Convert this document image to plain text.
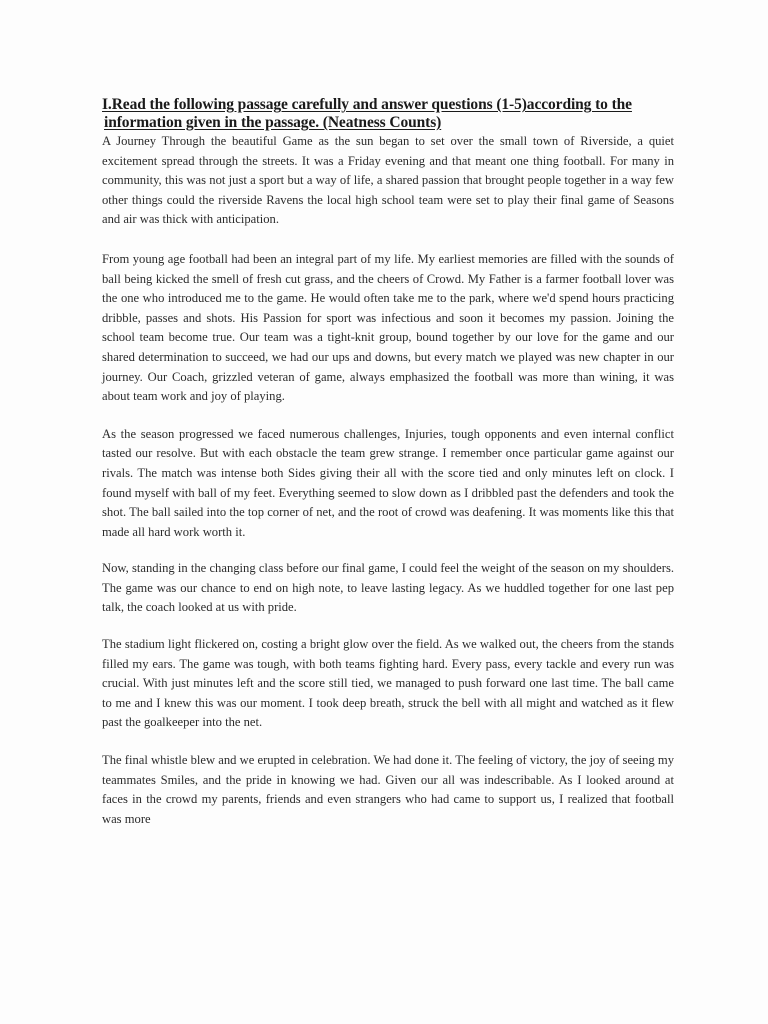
I.Read the following passage carefully and answer questions (1-5)according to the
information given in the passage. (Neatness Counts)

A Journey Through the beautiful Game as the sun began to set over the small town of Riverside, a quiet excitement spread through the streets. It was a Friday evening and that meant one thing football. For many in community, this was not just a sport but a way of life, a shared passion that brought people together in a way few other things could the riverside Ravens the local high school team were set to play their final game of Seasons and air was thick with anticipation.

From young age football had been an integral part of my life. My earliest memories are filled with the sounds of ball being kicked the smell of fresh cut grass, and the cheers of Crowd. My Father is a farmer football lover was the one who introduced me to the game. He would often take me to the park, where we'd spend hours practicing dribble, passes and shots. His Passion for sport was infectious and soon it becomes my passion. Joining the school team become true. Our team was a tight-knit group, bound together by our love for the game and our shared determination to succeed, we had our ups and downs, but every match we played was new chapter in our journey. Our Coach, grizzled veteran of game, always emphasized the football was more than wining, it was about team work and joy of playing.

As the season progressed we faced numerous challenges, Injuries, tough opponents and even internal conflict tasted our resolve. But with each obstacle the team grew strange. I remember once particular game against our rivals. The match was intense both Sides giving their all with the score tied and only minutes left on clock. I found myself with ball of my feet. Everything seemed to slow down as I dribbled past the defenders and took the shot. The ball sailed into the top corner of net, and the root of crowd was deafening. It was moments like this that made all hard work worth it.

Now, standing in the changing class before our final game, I could feel the weight of the season on my shoulders. The game was our chance to end on high note, to leave lasting legacy. As we huddled together for one last pep talk, the coach looked at us with pride.

The stadium light flickered on, costing a bright glow over the field. As we walked out, the cheers from the stands filled my ears. The game was tough, with both teams fighting hard. Every pass, every tackle and every run was crucial. With just minutes left and the score still tied, we managed to push forward one last time. The ball came to me and I knew this was our moment. I took deep breath, struck the bell with all might and watched as it flew past the goalkeeper into the net.

The final whistle blew and we erupted in celebration. We had done it. The feeling of victory, the joy of seeing my teammates Smiles, and the pride in knowing we had. Given our all was indescribable. As I looked around at faces in the crowd my parents, friends and even strangers who had came to support us, I realized that football was more
